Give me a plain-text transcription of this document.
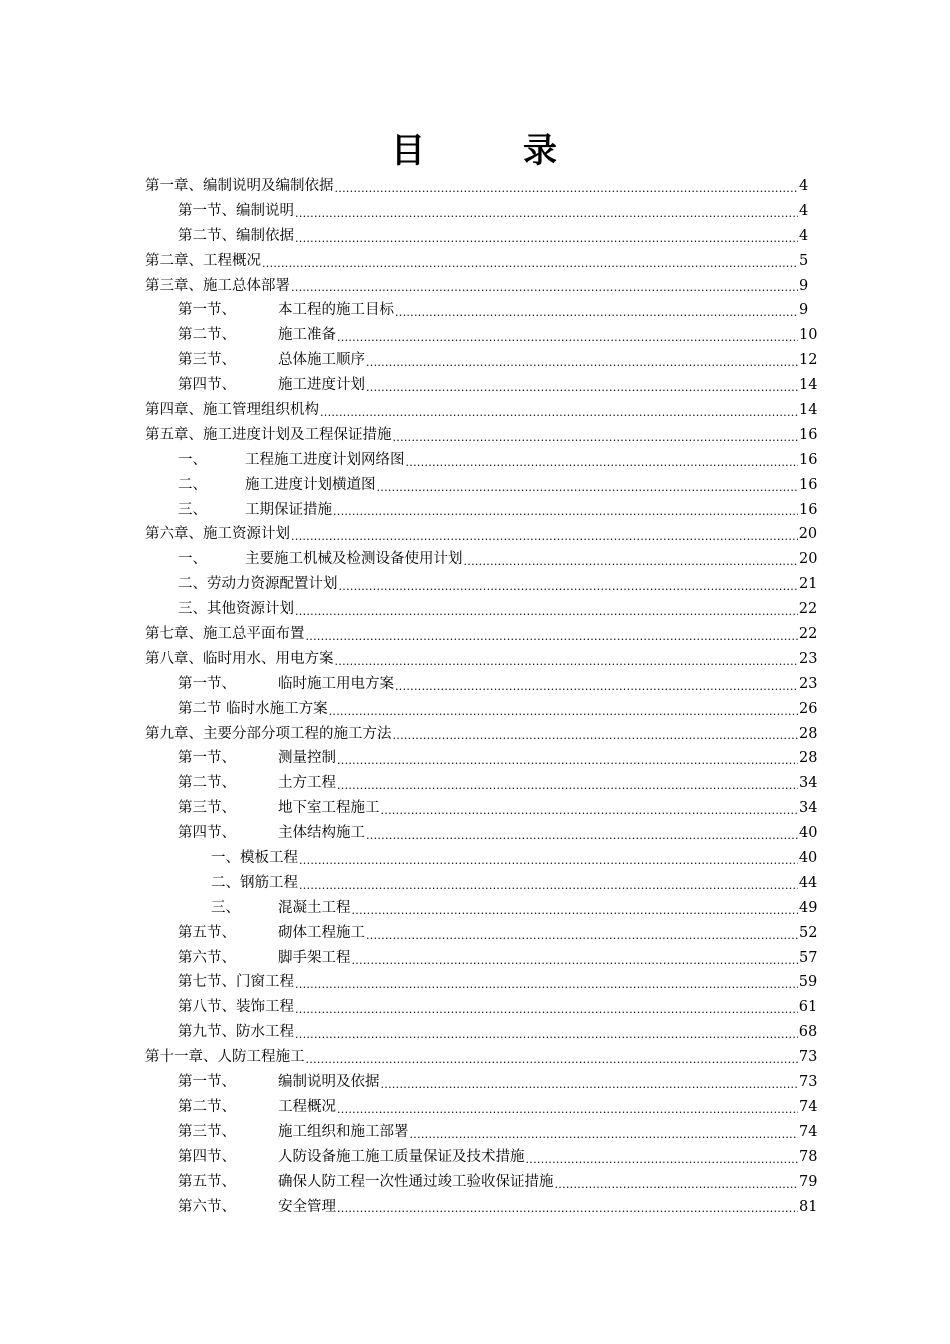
目	录
第一章、编制说明及编制依据 .....	4
第一节、编制说明 .....	4
第二节、编制依据 .....	4
第二章、工程概况 .....	5
第三章、施工总体部署 .....	9
第一节、	本工程的施工目标 .....	9
第二节、	施工准备 .....	10
第三节、	总体施工顺序 .....	12
第四节、	施工进度计划 .....	14
第四章、施工管理组织机构 .....	14
第五章、施工进度计划及工程保证措施 .....	16
一、	工程施工进度计划网络图 .....	16
二、	施工进度计划横道图 .....	16
三、	工期保证措施 .....	16
第六章、施工资源计划 .....	20
一、	主要施工机械及检测设备使用计划 .....	20
二、劳动力资源配置计划 .....	21
三、其他资源计划 .....	22
第七章、施工总平面布置 .....	22
第八章、临时用水、用电方案 .....	23
第一节、	临时施工用电方案 .....	23
第二节 临时水施工方案 .....	26
第九章、主要分部分项工程的施工方法 .....	28
第一节、	测量控制 .....	28
第二节、	土方工程 .....	34
第三节、	地下室工程施工 .....	34
第四节、	主体结构施工 .....	40
一、模板工程 .....	40
二、钢筋工程 .....	44
三、	混凝土工程 .....	49
第五节、	砌体工程施工 .....	52
第六节、	脚手架工程 .....	57
第七节、门窗工程 .....	59
第八节、装饰工程 .....	61
第九节、防水工程 .....	68
第十一章、人防工程施工 .....	73
第一节、	编制说明及依据 .....	73
第二节、	工程概况 .....	74
第三节、	施工组织和施工部署 .....	74
第四节、	人防设备施工施工质量保证及技术措施 .....	78
第五节、	确保人防工程一次性通过竣工验收保证措施 .....	79
第六节、	安全管理 .....	81
